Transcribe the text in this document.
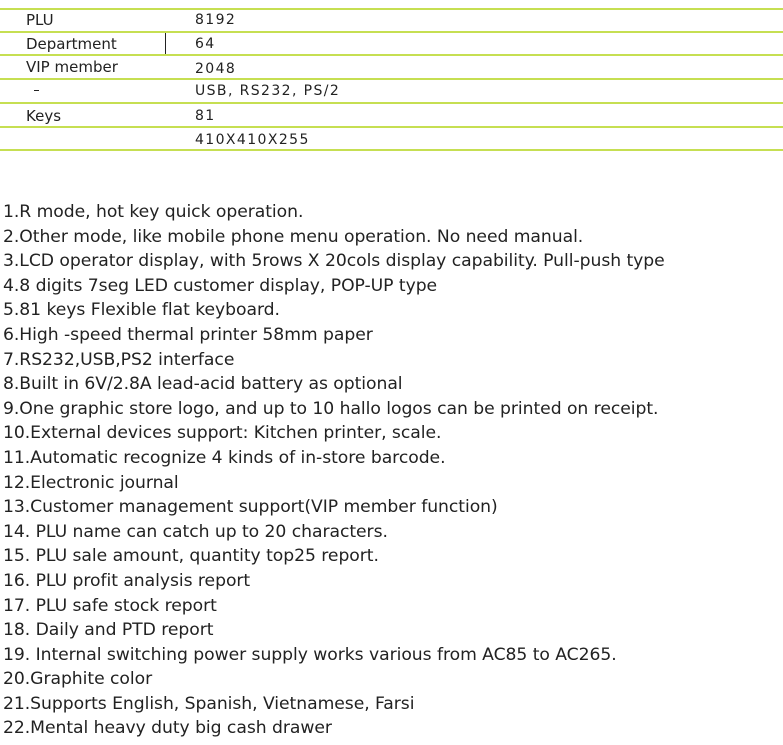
PLU
Department
VIP member
Keys
8192
64
2048
USB, RS232, PS/2
81
410X410X255
1.R mode, hot key quick operation.
2.Other mode, like mobile phone menu operation. No need manual.
3.LCD operator display, with 5rows X 20cols display capability. Pull-push type
4.8 digits 7seg LED customer display, POP-UP type
5.81 keys Flexible flat keyboard.
6.High -speed thermal printer 58mm paper
7.RS232,USB,PS2 interface
8.Built in 6V/2.8A lead-acid battery as optional
9.One graphic store logo, and up to 10 hallo logos can be printed on receipt.
10.External devices support: Kitchen printer, scale.
11.Automatic recognize 4 kinds of in-store barcode.
12.Electronic journal
13.Customer management support(VIP member function)
14. PLU name can catch up to 20 characters.
15. PLU sale amount, quantity top25 report.
16. PLU profit analysis report
17. PLU safe stock report
18. Daily and PTD report
19. Internal switching power supply works various from AC85 to AC265.
20.Graphite color
21.Supports English, Spanish, Vietnamese, Farsi
22.Mental heavy duty big cash drawer
